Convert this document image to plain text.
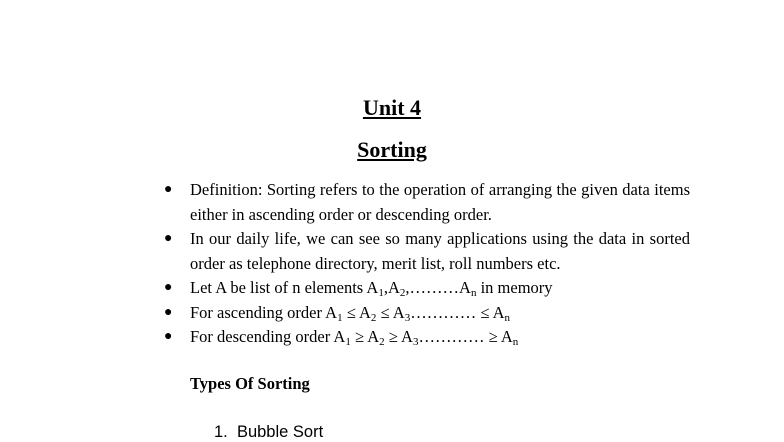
Unit 4
Sorting
● Definition: Sorting refers to the operation of arranging the given data items either in ascending order or descending order.
● In our daily life, we can see so many applications using the data in sorted order as telephone directory, merit list, roll numbers etc.
● Let A be list of n elements $A_1,A_2,\dots\dots\dots A_n$ in memory
● For ascending order $A_1 \le A_2$ ≤ $A_3\dots\dots\dots\dots \le A_n$
● For descending order $A_1 \ge A_2$ ≥ $A_3\dots\dots\dots\dots \ge A_n$
Types Of Sorting
1. Bubble Sort
